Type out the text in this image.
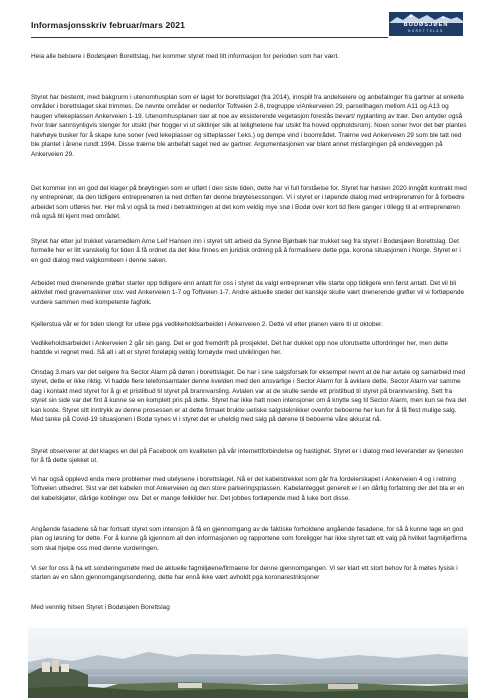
Informasjonsskriv februar/mars 2021	BODØSJØEN
BORETTSLAG

Heia alle beboere i Bodøsjøen Borettslag, her kommer styret med litt informasjon for perioden som har vært.

Styret har bestemt, med bakgrunn i utenomhusplan som er laget for borettslaget (fra 2014), innspill fra andelseiere og anbefalinger fra gartner at enkelte områder i borettslaget skal trimmes. De nevnte områder er nedenfor Toftveien 2-6, tregruppe v/Ankerveien 29, parsellhagen mellom A11 og A13 og haugen v/lekeplassen Ankerveien 1-19. Utenomhusplanen sier at noe av eksisterende vegetasjon foreslås bevart/ nyplanting av trær. Den antyder også hvor trær sannsynligvis stenger for utsikt (her hogger vi ut siktlinjer slik at leilighetene har utsikt fra hoved oppholdsrom). Noen soner hvor det bør plantes halvhøye busker for å skape lune soner (ved lekeplasser og sitteplasser f.eks.) og dempe vind i boområdet. Trærne ved Ankerveien 29 som ble tatt ned ble plantet i årene rundt 1994. Disse trærne ble anbefalt saget ned av gartner. Argumentasjonen var blant annet misfargingen på endeveggen på Ankerveien 29.

Det kommer inn en god del klager på brøytingen som er utført i den siste tiden, dette har vi full forståelse for. Styret har høsten 2020 inngått kontrakt med ny entreprenør, da den tidligere entreprenøren la ned driften før denne brøytesessongen. Vi i styret er i løpende dialog med entreprenøren for å forbedre arbeidet som utføres her. Her må vi også ta med i betraktningen at det kom veldig mye snø i Bodø over kort tid flere ganger i tillegg til at entreprenøren må også bli kjent med området.

Styret har etter jul trukket varamedlem Arne Leif Hansen inn i styret sitt arbeid da Synne Bjørbæk har trukket seg fra styret i Bodøsjøen Borettslag. Det formelle her er litt vanskelig for tiden å få ordnet da det ikke finnes en juridisk ordning på å formalisere dette pga. korona situasjonen i Norge. Styret er i en god dialog med valgkomiteen i denne saken.

Arbeidet med drenerende grøfter starter opp tidligere enn antatt for oss i styret da valgt entreprenør ville starte opp tidligere enn først antatt. Det vil bli aktivitet med gravemaskiner osv. ved Ankerveien 1-7 og Toftveien 1-7. Andre aktuelle steder det kanskje skulle vært drenerende grøfter vil vi fortløpende vurdere sammen med kompetente fagfolk.

Kjellerstua vår er for tiden stengt for utleie pga vedlikeholdsarbeidet i Ankerveien 2. Dette vil etter planen være til ut oktober.

Vedlikeholdsarbeidet i Ankerveien 2 går sin gang. Det er god fremdrift på prosjektet. Det har dukket opp noe uforutsette utfordringer her, men dette haddde vi regnet med. Så alt i alt er styret foreløpig veldig fornøyde med utviklingen her.

Onsdag 3.mars var det selgere fra Sector Alarm på døren i borettslaget. De har i sine salgsforsøk for eksempel nevnt at de har avtale og samarbeid med styret, dette er ikke riktig. Vi hadde flere telefonsamtaler denne kvelden med den ansvarlige i Sector Alarm for å avklare dette. Sector Alarm var samme dag i kontakt med styret for å gi et pristilbud til styret på brannvarsling. Avtalen var at de skulle sende ett pristilbud til styret på brannvarsling. Sett fra styret sin side var det fint å kunne se en komplett pris på dette. Styret har ikke hatt noen intensjoner om å knytte seg til Sector Alarm, men kun se hva det kan koste. Styret sitt inntrykk av denne prosessen er at dette firmaet brukte uetiske salgsteknikker ovenfor beboerne her kun for å få flest mulige salg. Med tanke på Covid-19 situasjonen i Bodø synes vi i styret det er uheldig med salg på dørene til beboerne våre akkurat nå.

Styret observerer at det klages en del på Facebook om kvaliteten på vår internettforbindelse og hastighet. Styret er i dialog med leverandør av tjenesten for å få dette sjekket ut.

Vi har også opplevd enda mere problemer med utelysene i borettslaget. Nå er det kabelstrekket som går fra fordelerskapet i Ankerveien 4 og i retning Toftveien utbedret. Sist var det kabelen mot Ankerveien og den store parkeringsplassen. Kabelanlegget generelt er i en dårlig forfatning der det bla er en del kabelskjøter, dårlige koblinger osv. Det er mange feilkilder her. Det jobbes fortløpende med å luke bort disse.

Angående fasadene så har fortsatt styret som intensjon å få en gjennomgang av de faktiske forholdene angående fasadene, for så å kunne lage en god plan og løsning for dette. For å kunne gå igjennom all den informasjonen og rapportene som foreligger har ikke styret tatt ett valg på hvilket fagmiljø/firma som skal hjelpe oss med denne vurderingen.

Vi ser for oss å ha ett sonderingsmøte med de aktuelle fagmiljøene/firmaene for denne gjennomgangen. Vi ser klart ett stort behov for å møtes fysisk i starten av en sånn gjennomgang/sondering, dette har ennå ikke vært avholdt pga koronarestriksjoner

Med vennlig hilsen Styret i Bodøsjøen Borettslag
